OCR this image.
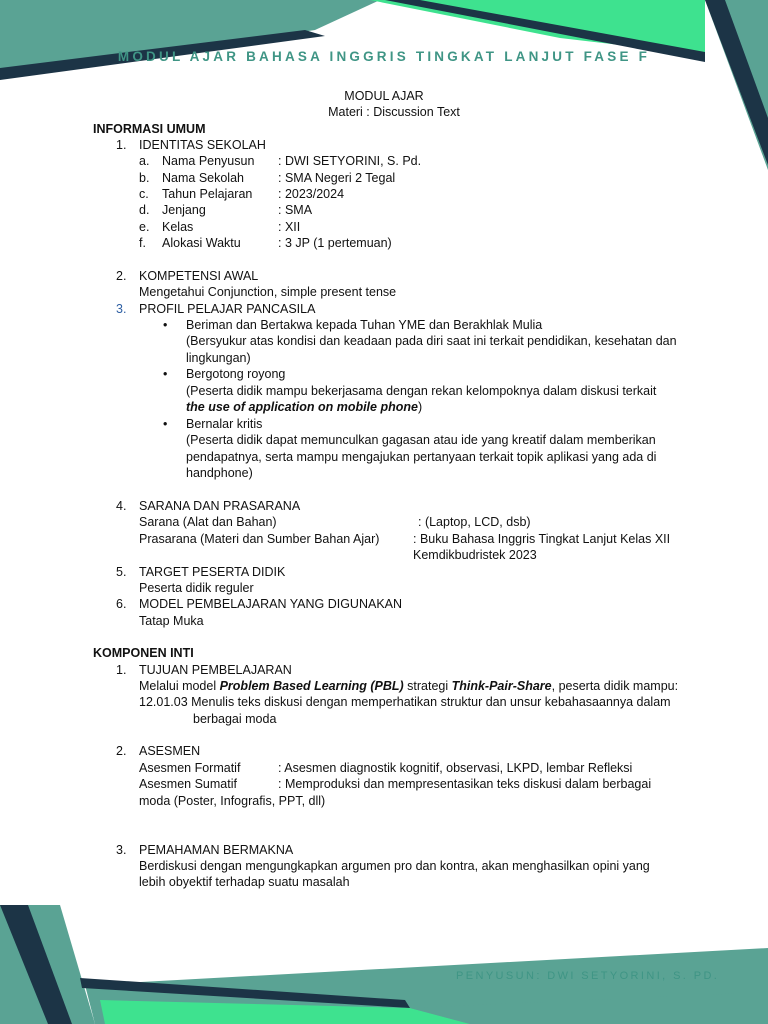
MODUL AJAR BAHASA INGGRIS TINGKAT LANJUT FASE F
MODUL AJAR
Materi : Discussion Text
INFORMASI UMUM
1. IDENTITAS SEKOLAH
a. Nama Penyusun : DWI SETYORINI, S. Pd.
b. Nama Sekolah	: SMA Negeri 2 Tegal
c. Tahun Pelajaran : 2023/2024
d. Jenjang	: SMA
e. Kelas	: XII
f. Alokasi Waktu	: 3 JP (1 pertemuan)
2. KOMPETENSI AWAL
Mengetahui Conjunction, simple present tense
3. PROFIL PELAJAR PANCASILA
• Beriman dan Bertakwa kepada Tuhan YME dan Berakhlak Mulia
(Bersyukur atas kondisi dan keadaan pada diri saat ini terkait pendidikan, kesehatan dan
lingkungan)
• Bergotong royong
(Peserta didik mampu bekerjasama dengan rekan kelompoknya dalam diskusi terkait
the use of application on mobile phone)
• Bernalar kritis
(Peserta didik dapat memunculkan gagasan atau ide yang kreatif dalam memberikan
pendapatnya, serta mampu mengajukan pertanyaan terkait topik aplikasi yang ada di
handphone)
4. SARANA DAN PRASARANA
Sarana (Alat dan Bahan)	: (Laptop, LCD, dsb)
Prasarana (Materi dan Sumber Bahan Ajar)	: Buku Bahasa Inggris Tingkat Lanjut Kelas XII
Kemdikbudristek 2023
5. TARGET PESERTA DIDIK
Peserta didik reguler
6. MODEL PEMBELAJARAN YANG DIGUNAKAN
Tatap Muka
KOMPONEN INTI
1. TUJUAN PEMBELAJARAN
Melalui model Problem Based Learning (PBL) strategi Think-Pair-Share, peserta didik mampu:
12.01.03 Menulis teks diskusi dengan memperhatikan struktur dan unsur kebahasaannya dalam
berbagai moda
2. ASESMEN
Asesmen Formatif	: Asesmen diagnostik kognitif, observasi, LKPD, lembar Refleksi
Asesmen Sumatif	: Memproduksi dan mempresentasikan teks diskusi dalam berbagai
moda (Poster, Infografis, PPT, dll)
3. PEMAHAMAN BERMAKNA
Berdiskusi dengan mengungkapkan argumen pro dan kontra, akan menghasilkan opini yang
lebih obyektif terhadap suatu masalah
PENYUSUN: DWI SETYORINI, S. PD.
